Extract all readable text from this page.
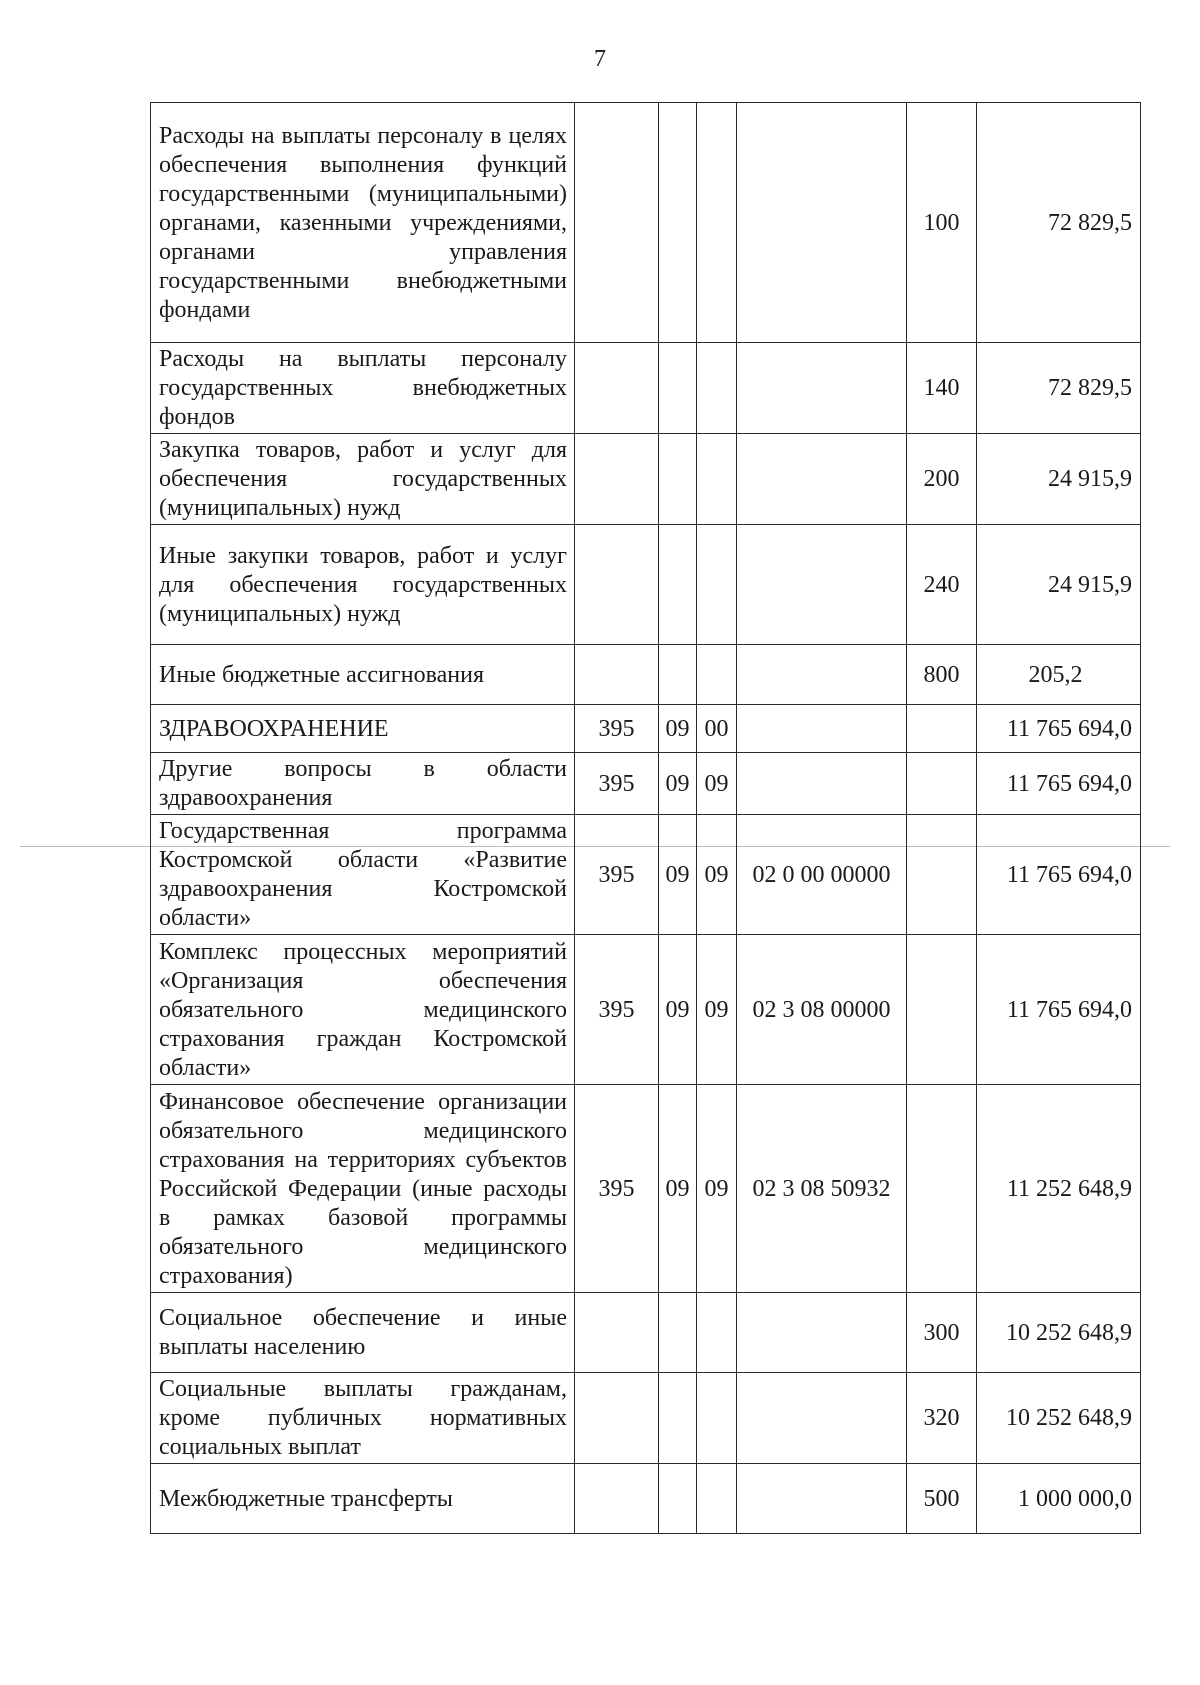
7
Расходы на выплаты персоналу в целях обеспечения выполнения функций государственными (муниципальными) органами, казенными учреждениями, органами управления государственными внебюджетными фондами					100	72 829,5
Расходы на выплаты персоналу государственных внебюджетных фондов					140	72 829,5
Закупка товаров, работ и услуг для обеспечения государственных (муниципальных) нужд					200	24 915,9
Иные закупки товаров, работ и услуг для обеспечения государственных (муниципальных) нужд					240	24 915,9
Иные бюджетные ассигнования					800	205,2
ЗДРАВООХРАНЕНИЕ	395	09	00			11 765 694,0
Другие вопросы в области здравоохранения	395	09	09			11 765 694,0
Государственная программа Костромской области «Развитие здравоохранения Костромской области»	395	09	09	02 0 00 00000		11 765 694,0
Комплекс процессных мероприятий «Организация обеспечения обязательного медицинского страхования граждан Костромской области»	395	09	09	02 3 08 00000		11 765 694,0
Финансовое обеспечение организации обязательного медицинского страхования на территориях субъектов Российской Федерации (иные расходы в рамках базовой программы обязательного медицинского страхования)	395	09	09	02 3 08 50932		11 252 648,9
Социальное обеспечение и иные выплаты населению					300	10 252 648,9
Социальные выплаты гражданам, кроме публичных нормативных социальных выплат					320	10 252 648,9
Межбюджетные трансферты					500	1 000 000,0
